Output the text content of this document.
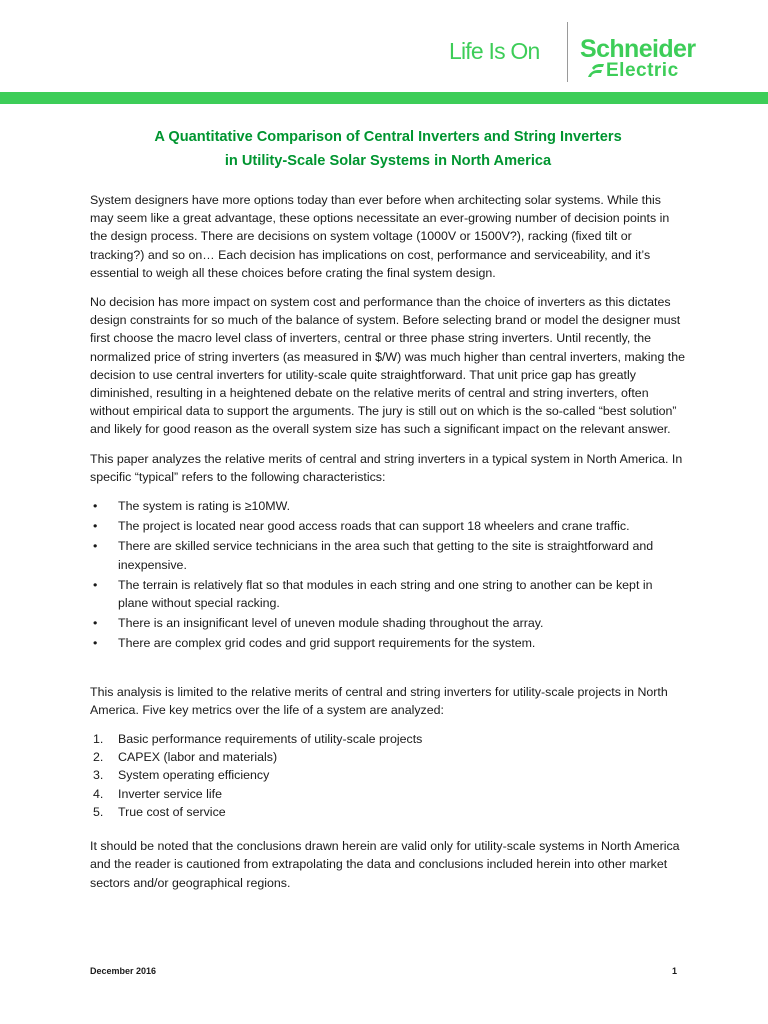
Life Is On Schneider
Electric
A Quantitative Comparison of Central Inverters and String Inverters
in Utility-Scale Solar Systems in North America

System designers have more options today than ever before when architecting solar systems. While this may seem like a great advantage, these options necessitate an ever-growing number of decision points in the design process. There are decisions on system voltage (1000V or 1500V?), racking (fixed tilt or tracking?) and so on… Each decision has implications on cost, performance and serviceability, and it’s essential to weigh all these choices before crating the final system design.

No decision has more impact on system cost and performance than the choice of inverters as this dictates design constraints for so much of the balance of system. Before selecting brand or model the designer must first choose the macro level class of inverters, central or three phase string inverters. Until recently, the normalized price of string inverters (as measured in $/W) was much higher than central inverters, making the decision to use central inverters for utility-scale quite straightforward. That unit price gap has greatly diminished, resulting in a heightened debate on the relative merits of central and string inverters, often without empirical data to support the arguments. The jury is still out on which is the so-called “best solution” and likely for good reason as the overall system size has such a significant impact on the relevant answer.

This paper analyzes the relative merits of central and string inverters in a typical system in North America. In specific “typical” refers to the following characteristics:

• The system is rating is ≥10MW.
• The project is located near good access roads that can support 18 wheelers and crane traffic.
• There are skilled service technicians in the area such that getting to the site is straightforward and inexpensive.
• The terrain is relatively flat so that modules in each string and one string to another can be kept in plane without special racking.
• There is an insignificant level of uneven module shading throughout the array.
• There are complex grid codes and grid support requirements for the system.

This analysis is limited to the relative merits of central and string inverters for utility-scale projects in North America. Five key metrics over the life of a system are analyzed:

1. Basic performance requirements of utility-scale projects
2. CAPEX (labor and materials)
3. System operating efficiency
4. Inverter service life
5. True cost of service

It should be noted that the conclusions drawn herein are valid only for utility-scale systems in North America and the reader is cautioned from extrapolating the data and conclusions included herein into other market sectors and/or geographical regions.

December 2016	1
